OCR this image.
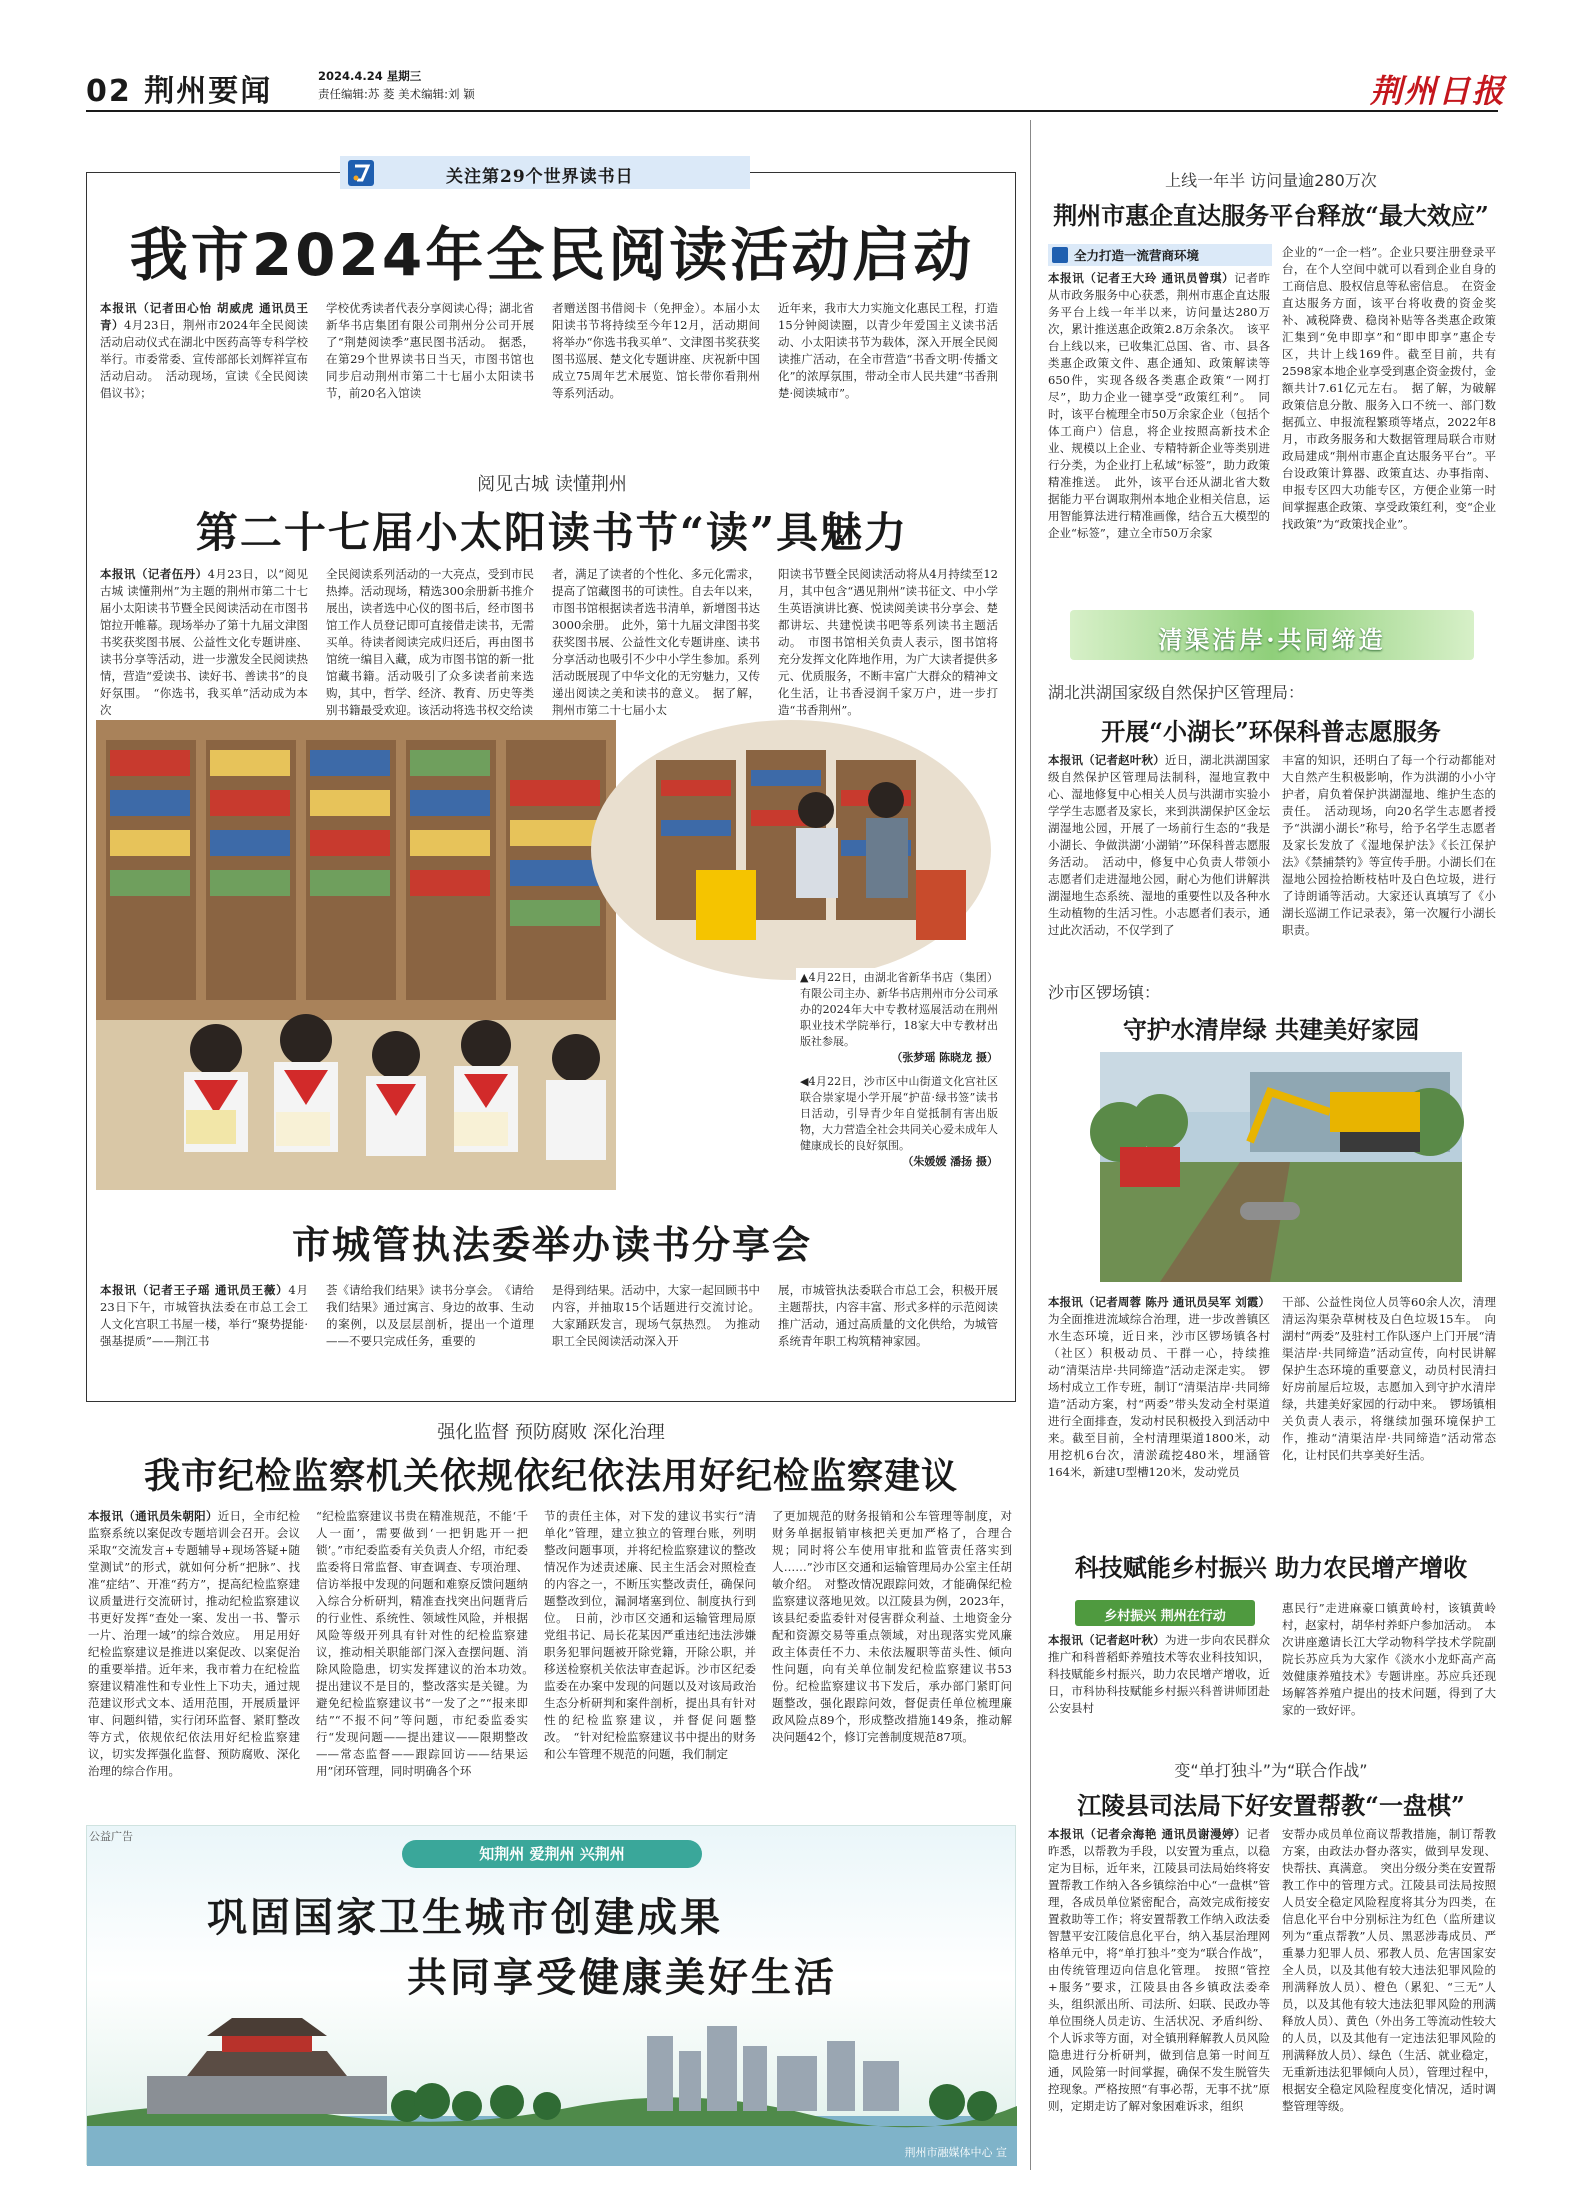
02 荆州要闻	2024.4.24 星期三
责任编辑:苏 菱 美术编辑:刘 颖	荆州日报
关注第29个世界读书日
我市2024年全民阅读活动启动
本报讯（记者田心怡 胡威虎 通讯员王青）4月23日，荆州市2024年全民阅读活动启动仪式在湖北中医药高等专科学校举行。市委常委、宣传部部长刘辉祥宣布活动启动。　活动现场，宣读《全民阅读倡议书》；
学校优秀读者代表分享阅读心得；湖北省新华书店集团有限公司荆州分公司开展了“荆楚阅读季”惠民图书活动。　据悉，在第29个世界读书日当天，市图书馆也同步启动荆州市第二十七届小太阳读书节，前20名入馆读
者赠送图书借阅卡（免押金）。本届小太阳读书节将持续至今年12月，活动期间将举办“你选书我买单”、文津图书奖获奖图书巡展、楚文化专题讲座、庆祝新中国成立75周年艺术展览、馆长带你看荆州等系列活动。
近年来，我市大力实施文化惠民工程，打造15分钟阅读圈，以青少年爱国主义读书活动、小太阳读书节为载体，深入开展全民阅读推广活动，在全市营造“书香文明·传播文化”的浓厚氛围，带动全市人民共建“书香荆楚·阅读城市”。
阅见古城 读懂荆州
第二十七届小太阳读书节“读”具魅力
本报讯（记者伍丹）4月23日，以“阅见古城 读懂荆州”为主题的荆州市第二十七届小太阳读书节暨全民阅读活动在市图书馆拉开帷幕。现场举办了第十九届文津图书奖获奖图书展、公益性文化专题讲座、读书分享等活动，进一步激发全民阅读热情，营造“爱读书、读好书、善读书”的良好氛围。　“你选书，我买单”活动成为本次
全民阅读系列活动的一大亮点，受到市民热捧。活动现场，精选300余册新书推介展出，读者选中心仪的图书后，经市图书馆工作人员登记即可直接借走读书，无需买单。待读者阅读完成归还后，再由图书馆统一编目入藏，成为市图书馆的新一批馆藏书籍。活动吸引了众多读者前来选购，其中，哲学、经济、教育、历史等类别书籍最受欢迎。该活动将选书权交给读
者，满足了读者的个性化、多元化需求，提高了馆藏图书的可读性。自去年以来，市图书馆根据读者选书清单，新增图书达3000余册。　此外，第十九届文津图书奖获奖图书展、公益性文化专题讲座、读书分享活动也吸引不少中小学生参加。系列活动既展现了中华文化的无穷魅力，又传递出阅读之美和读书的意义。　据了解，荆州市第二十七届小太
阳读书节暨全民阅读活动将从4月持续至12月，其中包含“遇见荆州”读书征文、中小学生英语演讲比赛、悦读阅美读书分享会、楚都讲坛、共建悦读书吧等系列读书主题活动。　市图书馆相关负责人表示，图书馆将充分发挥文化阵地作用，为广大读者提供多元、优质服务，不断丰富广大群众的精神文化生活，让书香浸润千家万户，进一步打造“书香荆州”。
▲4月22日，由湖北省新华书店（集团）有限公司主办、新华书店荆州市分公司承办的2024年大中专教材巡展活动在荆州职业技术学院举行，18家大中专教材出版社参展。
（张梦瑶 陈晓龙 摄）
◀4月22日，沙市区中山街道文化宫社区联合崇家堤小学开展“护苗·绿书签”读书日活动，引导青少年自觉抵制有害出版物，大力营造全社会共同关心爱未成年人健康成长的良好氛围。
（朱媛媛 潘扬 摄）
市城管执法委举办读书分享会
本报讯（记者王子瑶 通讯员王薇）4月23日下午，市城管执法委在市总工会工人文化宫职工书屋一楼，举行“聚势提能·强基提质”——荆江书
荟《请给我们结果》读书分享会。　《请给我们结果》通过寓言、身边的故事、生动的案例，以及层层剖析，提出一个道理——不要只完成任务，重要的
是得到结果。活动中，大家一起回顾书中内容，并抽取15个话题进行交流讨论。大家踊跃发言，现场气氛热烈。　为推动职工全民阅读活动深入开
展，市城管执法委联合市总工会，积极开展主题帮扶，内容丰富、形式多样的示范阅读推广活动，通过高质量的文化供给，为城管系统青年职工构筑精神家园。
强化监督 预防腐败 深化治理
我市纪检监察机关依规依纪依法用好纪检监察建议
本报讯（通讯员朱朝阳）近日，全市纪检监察系统以案促改专题培训会召开。会议采取“交流发言+专题辅导+现场答疑+随堂测试”的形式，就如何分析“把脉”、找准“症结”、开准“药方”，提高纪检监察建议质量进行交流研讨，推动纪检监察建议书更好发挥“查处一案、发出一书、警示一片、治理一域”的综合效应。　用足用好纪检监察建议是推进以案促改、以案促治的重要举措。近年来，我市着力在纪检监察建议精准性和专业性上下功夫，通过规范建议形式文本、适用范围，开展质量评审、问题纠错，实行闭环监督、紧盯整改等方式，依规依纪依法用好纪检监察建议，切实发挥强化监督、预防腐败、深化治理的综合作用。
“纪检监察建议书贵在精准规范，不能‘千人一面’，需要做到‘一把钥匙开一把锁’。”市纪委监委有关负责人介绍，市纪委监委将日常监督、审查调查、专项治理、信访举报中发现的问题和难察反馈问题纳入综合分析研判，精准查找突出问题背后的行业性、系统性、领域性风险，并根据风险等级开列具有针对性的纪检监察建议，推动相关职能部门深入查摆问题、消除风险隐患，切实发挥建议的治本功效。　提出建议不是目的，整改落实是关键。为避免纪检监察建议书“一发了之”“报来即结”“不报不问”等问题，市纪委监委实行“发现问题——提出建议——限期整改——常态监督——跟踪回访——结果运用”闭环管理，同时明确各个环
节的责任主体，对下发的建议书实行“清单化”管理，建立独立的管理台账，列明整改问题事项，并将纪检监察建议的整改情况作为述责述廉、民主生活会对照检查的内容之一，不断压实整改责任，确保问题整改到位，漏洞堵塞到位、制度执行到位。　日前，沙市区交通和运输管理局原党组书记、局长花某因严重违纪违法涉嫌职务犯罪问题被开除党籍，开除公职，并移送检察机关依法审查起诉。沙市区纪委监委在办案中发现的问题以及对该局政治生态分析研判和案件剖析，提出具有针对性的纪检监察建议，并督促问题整改。　“针对纪检监察建议书中提出的财务和公车管理不规范的问题，我们制定
了更加规范的财务报销和公车管理等制度，对财务单据报销审核把关更加严格了，合理合规；同时将公车使用审批和监管责任落实到人……”沙市区交通和运输管理局办公室主任胡敏介绍。　对整改情况跟踪问效，才能确保纪检监察建议落地见效。以江陵县为例，2023年，该县纪委监委针对侵害群众利益、土地资金分配和资源交易等重点领域，对出现落实党风廉政主体责任不力、未依法履职等苗头性、倾向性问题，向有关单位制发纪检监察建议书53份。纪检监察建议书下发后，承办部门紧盯问题整改，强化跟踪问效，督促责任单位梳理廉政风险点89个，形成整改措施149条，推动解决问题42个，修订完善制度规范87项。
公益广告
知荆州 爱荆州 兴荆州
巩固国家卫生城市创建成果
共同享受健康美好生活
荆州市融媒体中心 宣
上线一年半 访问量逾280万次
荆州市惠企直达服务平台释放“最大效应”
全力打造一流营商环境
本报讯（记者王大玲 通讯员曾琪）记者昨从市政务服务中心获悉，荆州市惠企直达服务平台上线一年半以来，访问量达280万次，累计推送惠企政策2.8万余条次。　该平台上线以来，已收集汇总国、省、市、县各类惠企政策文件、惠企通知、政策解读等650件，实现各级各类惠企政策“一网打尽”，助力企业一键享受“政策红利”。　同时，该平台梳理全市50万余家企业（包括个体工商户）信息，将企业按照高新技术企业、规模以上企业、专精特新企业等类别进行分类，为企业打上私域“标签”，助力政策精准推送。　此外，该平台还从湖北省大数据能力平台调取荆州本地企业相关信息，运用智能算法进行精准画像，结合五大模型的企业“标签”，建立全市50万余家
企业的“一企一档”。企业只要注册登录平台，在个人空间中就可以看到企业自身的工商信息、股权信息等私密信息。　在资金直达服务方面，该平台将收费的资金奖补、减税降费、稳岗补贴等各类惠企政策汇集到“免申即享”和“即申即享”惠企专区，共计上线169件。截至目前，共有2598家本地企业享受到惠企资金拨付，金额共计7.61亿元左右。　据了解，为破解政策信息分散、服务入口不统一、部门数据孤立、申报流程繁琐等堵点，2022年8月，市政务服务和大数据管理局联合市财政局建成“荆州市惠企直达服务平台”。平台设政策计算器、政策直达、办事指南、申报专区四大功能专区，方便企业第一时间掌握惠企政策、享受政策红利，变“企业找政策”为“政策找企业”。
清渠洁岸·共同缔造
湖北洪湖国家级自然保护区管理局：
开展“小湖长”环保科普志愿服务
本报讯（记者赵叶秋）近日，湖北洪湖国家级自然保护区管理局法制科，湿地宣教中心、湿地修复中心相关人员与洪湖市实验小学学生志愿者及家长，来到洪湖保护区金坛湖湿地公园，开展了一场前行生态的“我是小湖长、争做洪湖‘小湖销’”环保科普志愿服务活动。　活动中，修复中心负责人带领小志愿者们走进湿地公园，耐心为他们讲解洪湖湿地生态系统、湿地的重要性以及各种水生动植物的生活习性。小志愿者们表示，通过此次活动，不仅学到了
丰富的知识，还明白了每一个行动都能对大自然产生积极影响，作为洪湖的小小守护者，肩负着保护洪湖湿地、维护生态的责任。　活动现场，向20名学生志愿者授予“洪湖小湖长”称号，给予名学生志愿者及家长发放了《湿地保护法》《长江保护法》《禁捕禁钓》等宣传手册。小湖长们在湿地公园捡拾断枝枯叶及白色垃圾，进行了诗朗诵等活动。大家还认真填写了《小湖长巡湖工作记录表》，第一次履行小湖长职责。
沙市区锣场镇：
守护水清岸绿 共建美好家园
本报讯（记者周蓉 陈丹 通讯员吴军 刘霞）为全面推进流域综合治理，进一步改善镇区水生态环境，近日来，沙市区锣场镇各村（社区）积极动员、干群一心，持续推动“清渠洁岸·共同缔造”活动走深走实。　锣场村成立工作专班，制订“清渠洁岸·共同缔造”活动方案，村“两委”带头发动全村渠道进行全面排查，发动村民积极投入到活动中来。截至目前，全村清理渠道1800米，动用挖机6台次，清淤疏挖480米，埋涵管164米，新建U型槽120米，发动党员
干部、公益性岗位人员等60余人次，清理清运沟渠杂草树枝及白色垃圾15车。　向湖村“两委”及驻村工作队逐户上门开展“清渠洁岸·共同缔造”活动宣传，向村民讲解保护生态环境的重要意义，动员村民清扫好房前屋后垃圾，志愿加入到守护水清岸绿，共建美好家园的行动中来。　锣场镇相关负责人表示，将继续加强环境保护工作，推动“清渠洁岸·共同缔造”活动常态化，让村民们共享美好生活。
科技赋能乡村振兴 助力农民增产增收
乡村振兴 荆州在行动
本报讯（记者赵叶秋）为进一步向农民群众推广和科普稻虾养殖技术等农业科技知识，科技赋能乡村振兴，助力农民增产增收，近日，市科协科技赋能乡村振兴科普讲师团赴公安县村
惠民行”走进麻豪口镇黄岭村，该镇黄岭村，赵家村，胡华村养虾户参加活动。　本次讲座邀请长江大学动物科学技术学院副院长苏应兵为大家作《淡水小龙虾高产高效健康养殖技术》专题讲座。苏应兵还现场解答养殖户提出的技术问题，得到了大家的一致好评。
变“单打独斗”为“联合作战”
江陵县司法局下好安置帮教“一盘棋”
本报讯（记者佘海艳 通讯员谢漫婷）记者昨悉，以帮教为手段，以安置为重点，以稳定为目标，近年来，江陵县司法局始终将安置帮教工作纳入各乡镇综治中心“一盘棋”管理，各成员单位紧密配合，高效完成衔接安置救助等工作；将安置帮教工作纳入政法委智慧平安江陵信息化平台，纳入基层治理网格单元中，将“单打独斗”变为“联合作战”，由传统管理迈向信息化管理。　按照“管控+服务”要求，江陵县由各乡镇政法委牵头，组织派出所、司法所、妇联、民政办等单位围绕人员走访、生活状况、矛盾纠纷、个人诉求等方面，对全镇刑释解教人员风险隐患进行分析研判，做到信息第一时间互通，风险第一时间掌握，确保不发生脱管失控现象。严格按照“有事必帮，无事不扰”原则，定期走访了解对象困难诉求，组织
安帮办成员单位商议帮教措施，制订帮教方案，由政法办督办落实，做到早发现、快帮扶、真满意。　突出分级分类在安置帮教工作中的管理方式。江陵县司法局按照人员安全稳定风险程度将其分为四类，在信息化平台中分别标注为红色（监所建议列为“重点帮教”人员、黑恶涉毒成员、严重暴力犯罪人员、邪教人员、危害国家安全人员，以及其他有较大违法犯罪风险的刑满释放人员）、橙色（累犯、“三无”人员，以及其他有较大违法犯罪风险的刑满释放人员）、黄色（外出务工等流动性较大的人员，以及其他有一定违法犯罪风险的刑满释放人员）、绿色（生活、就业稳定，无重新违法犯罪倾向人员），管理过程中，根据安全稳定风险程度变化情况，适时调整管理等级。
